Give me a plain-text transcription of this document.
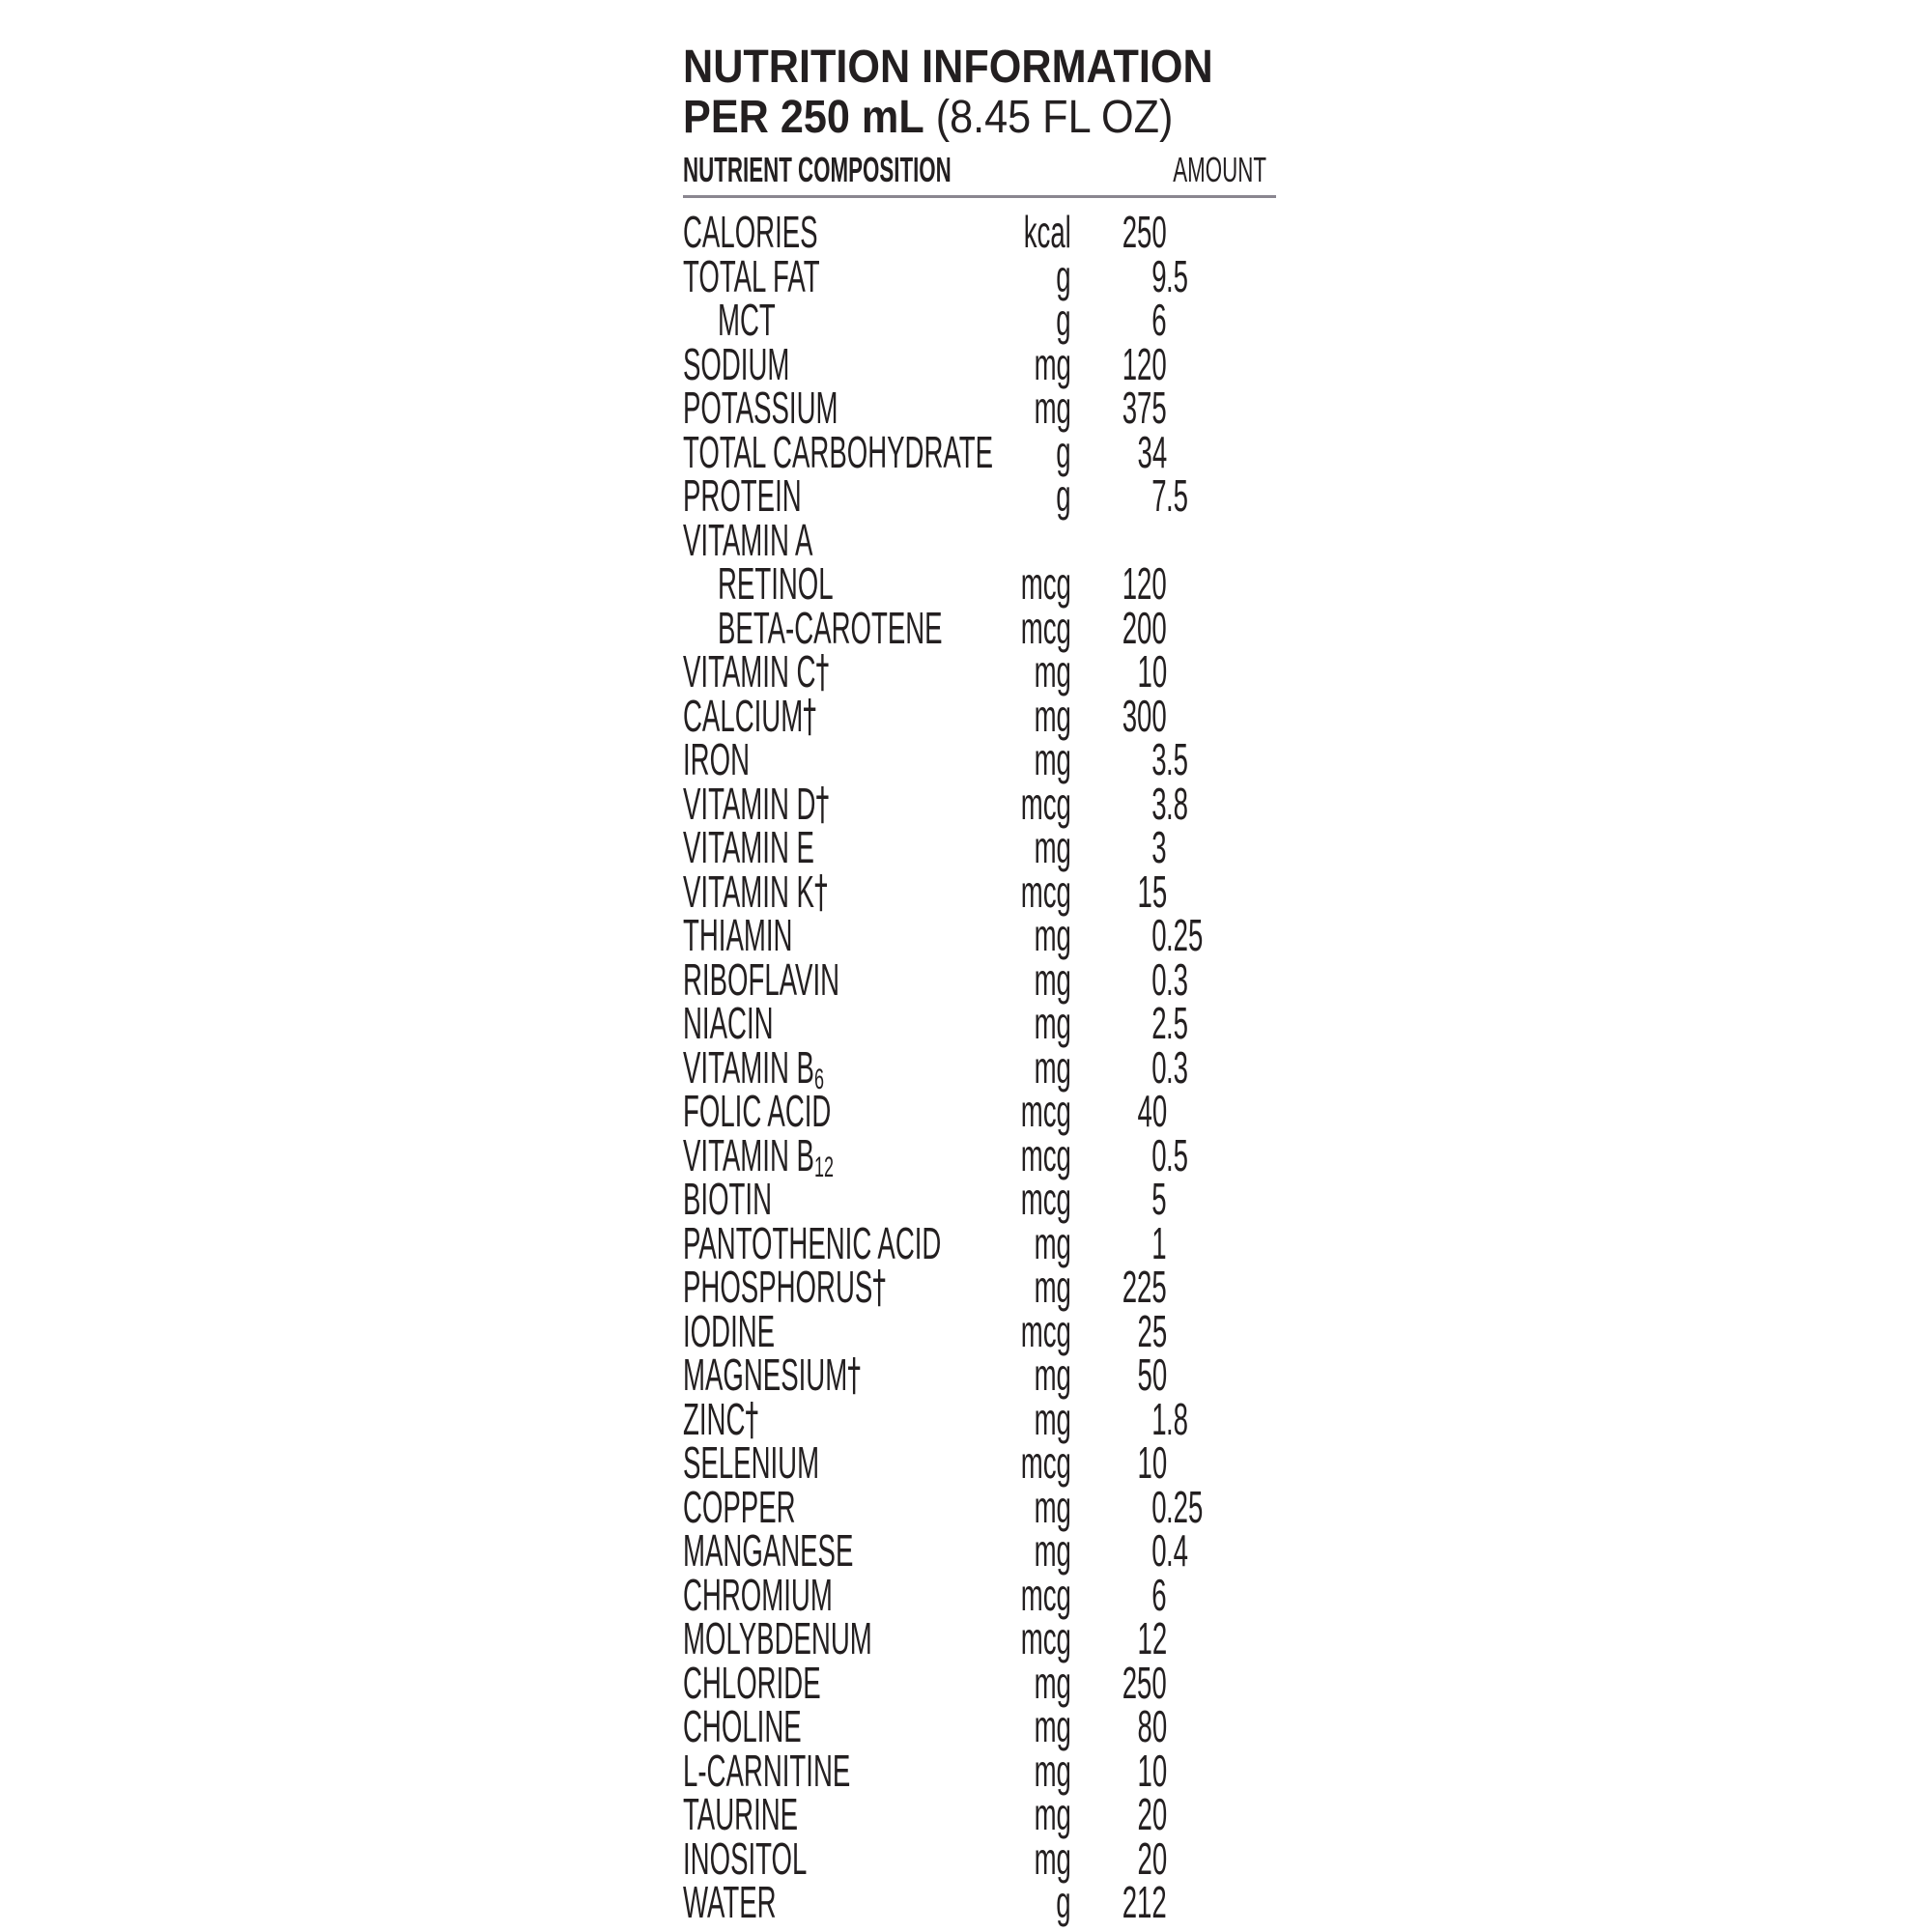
NUTRITION INFORMATION
PER 250 mL (8.45 FL OZ)
NUTRIENT COMPOSITION	AMOUNT
CALORIES	kcal 250
TOTAL FAT	g 9 .5
MCT	g 6
SODIUM	mg 120
POTASSIUM	mg 375
TOTAL CARBOHYDRATE g 34
PROTEIN	g 7 .5
VITAMIN A
RETINOL	mcg 120
BETA-CAROTENE mcg 200
VITAMIN C†	mg 10
CALCIUM†	mg 300
IRON	mg 3 .5
VITAMIN D†	mcg 3 .8
VITAMIN E	mg 3
VITAMIN K†	mcg 15
THIAMIN	mg 0 .25
RIBOFLAVIN	mg 0 .3
NIACIN	mg 2 .5
VITAMIN $B_6$	mg 0 .3
FOLIC ACID	mcg 40
VITAMIN $B_{12}$	mcg 0 .5
BIOTIN	mcg 5
PANTOTHENIC ACID mg 1
PHOSPHORUS†	mg 225
IODINE	mcg 25
MAGNESIUM†	mg 50
ZINC†	mg 1 .8
SELENIUM	mcg 10
COPPER	mg 0 .25
MANGANESE	mg 0 .4
CHROMIUM	mcg 6
MOLYBDENUM	mcg 12
CHLORIDE	mg 250
CHOLINE	mg 80
L-CARNITINE	mg 10
TAURINE	mg 20
INOSITOL	mg 20
WATER	g 212
